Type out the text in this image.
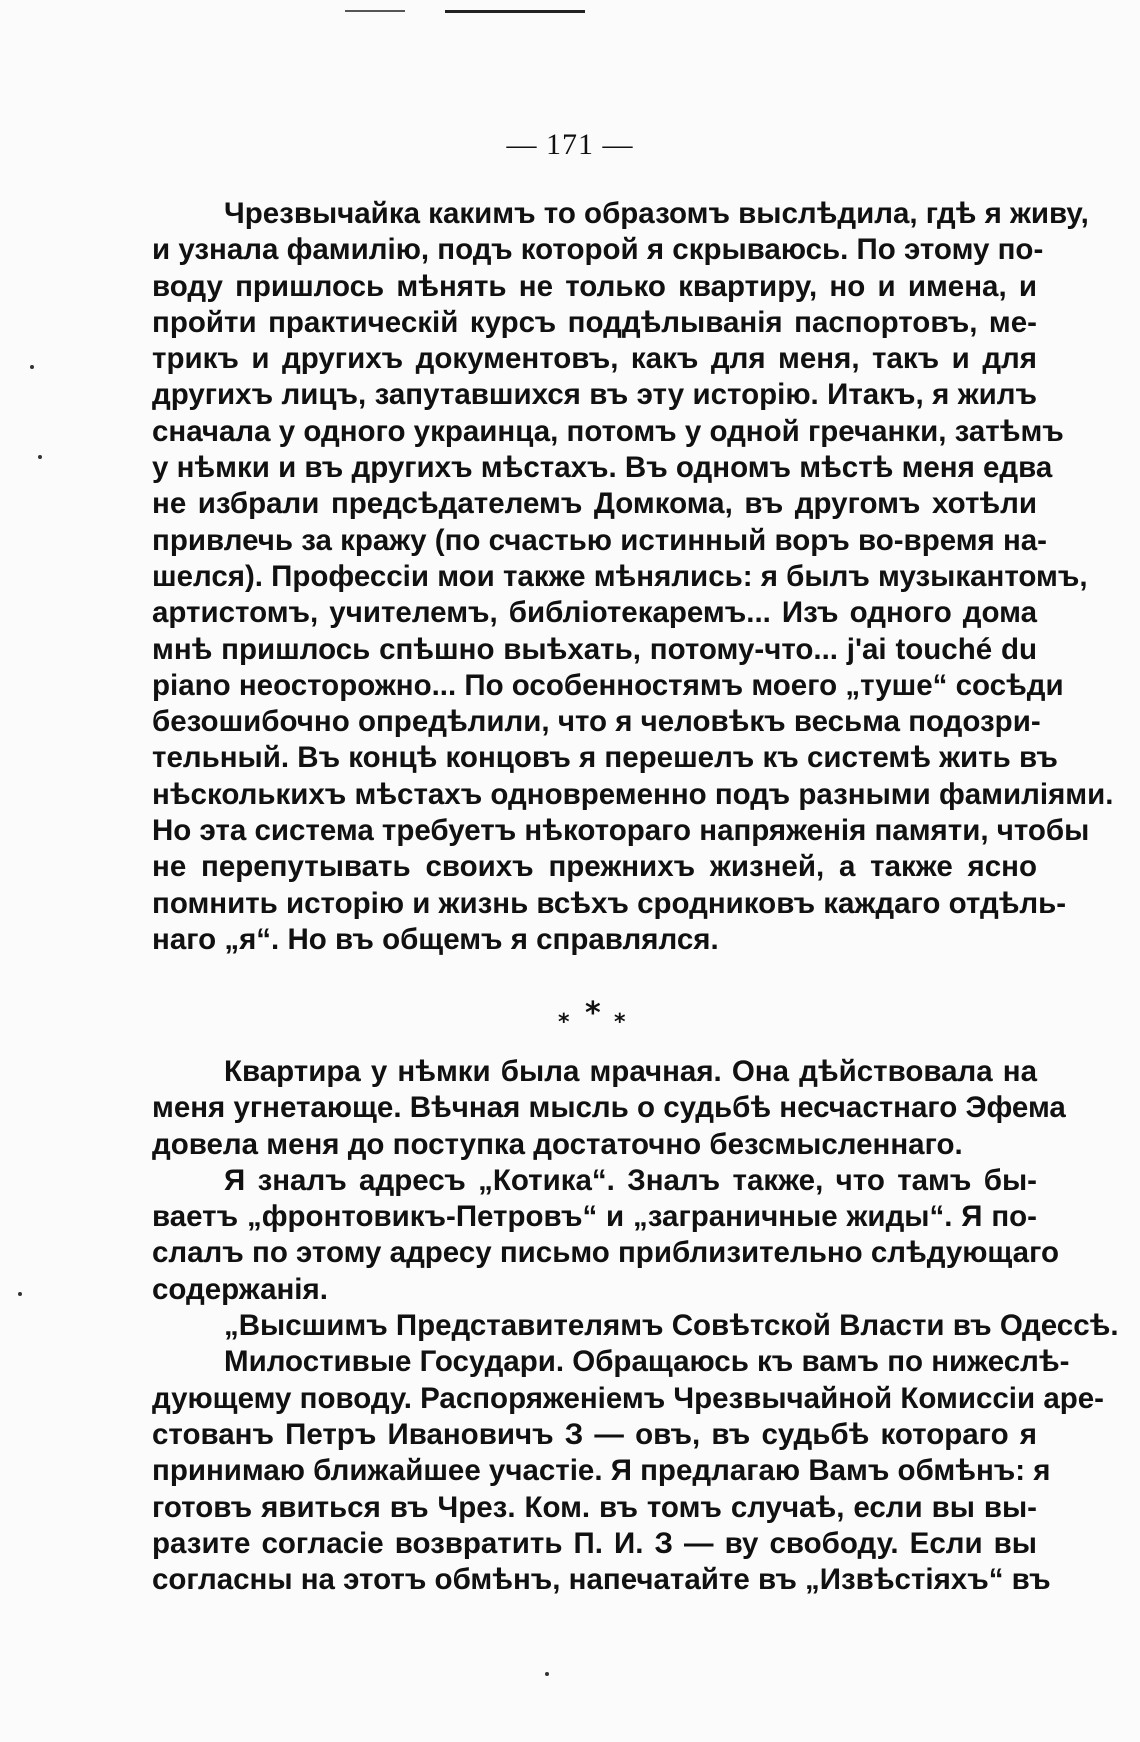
— 171 —
Чрезвычайка какимъ то образомъ выслѣдила, гдѣ я живу,
и узнала фамилію, подъ которой я скрываюсь. По этому по-
воду пришлось мѣнять не только квартиру, но и имена, и
пройти практическій курсъ поддѣлыванія паспортовъ, ме-
трикъ и другихъ документовъ, какъ для меня, такъ и для
другихъ лицъ, запутавшихся въ эту исторію. Итакъ, я жилъ
сначала у одного украинца, потомъ у одной гречанки, затѣмъ
у нѣмки и въ другихъ мѣстахъ. Въ одномъ мѣстѣ меня едва
не избрали предсѣдателемъ Домкома, въ другомъ хотѣли
привлечь за кражу (по счастью истинный воръ во-время на-
шелся). Профессіи мои также мѣнялись: я былъ музыкантомъ,
артистомъ, учителемъ, библіотекаремъ... Изъ одного дома
мнѣ пришлось спѣшно выѣхать, потому-что... j'ai touché du
piano неосторожно... По особенностямъ моего „туше“ сосѣди
безошибочно опредѣлили, что я человѣкъ весьма подозри-
тельный. Въ концѣ концовъ я перешелъ къ системѣ жить въ
нѣсколькихъ мѣстахъ одновременно подъ разными фамиліями.
Но эта система требуетъ нѣкотораго напряженія памяти, чтобы
не перепутывать своихъ прежнихъ жизней, а также ясно
помнить исторію и жизнь всѣхъ сродниковъ каждаго отдѣль-
наго „я“. Но въ общемъ я справлялся.
* * *
Квартира у нѣмки была мрачная. Она дѣйствовала на
меня угнетающе. Вѣчная мысль о судьбѣ несчастнаго Эфема
довела меня до поступка достаточно безсмысленнаго.
Я зналъ адресъ „Котика“. Зналъ также, что тамъ бы-
ваетъ „фронтовикъ-Петровъ“ и „заграничные жиды“. Я по-
слалъ по этому адресу письмо приблизительно слѣдующаго
содержанія.
„Высшимъ Представителямъ Совѣтской Власти въ Одессѣ.
Милостивые Государи. Обращаюсь къ вамъ по нижеслѣ-
дующему поводу. Распоряженіемъ Чрезвычайной Комиссіи аре-
стованъ Петръ Ивановичъ З — овъ, въ судьбѣ котораго я
принимаю ближайшее участіе. Я предлагаю Вамъ обмѣнъ: я
готовъ явиться въ Чрез. Ком. въ томъ случаѣ, если вы вы-
разите согласіе возвратить П. И. З — ву свободу. Если вы
согласны на этотъ обмѣнъ, напечатайте въ „Извѣстіяхъ“ въ
